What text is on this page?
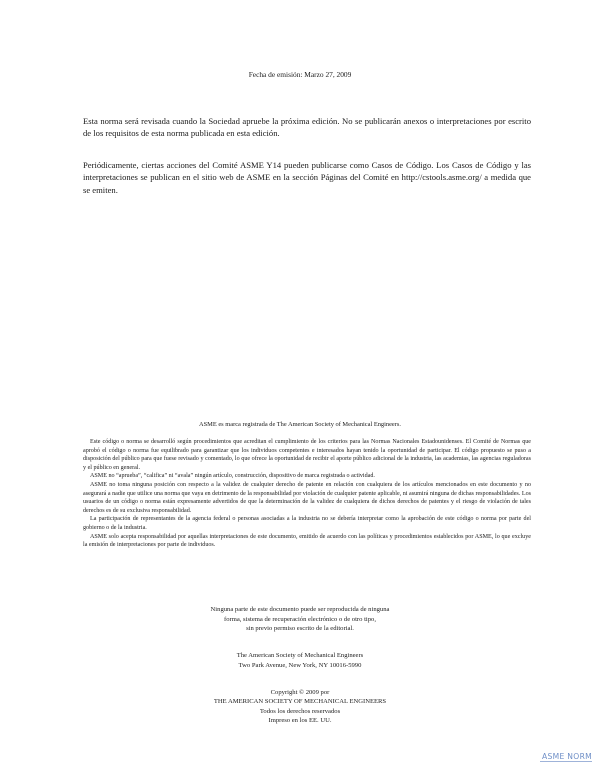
Fecha de emisión: Marzo 27, 2009
Esta norma será revisada cuando la Sociedad apruebe la próxima edición. No se publicarán anexos o interpretaciones por escrito de los requisitos de esta norma publicada en esta edición.
Periódicamente, ciertas acciones del Comité ASME Y14 pueden publicarse como Casos de Código. Los Casos de Código y las interpretaciones se publican en el sitio web de ASME en la sección Páginas del Comité en http://cstools.asme.org/ a medida que se emiten.
ASME es marca registrada de The American Society of Mechanical Engineers.

Este código o norma se desarrolló según procedimientos que acreditan el cumplimiento de los criterios para las Normas Nacionales Estadounidenses. El Comité de Normas que aprobó el código o norma fue equilibrado para garantizar que los individuos competentes e interesados hayan tenido la oportunidad de participar. El código propuesto se puso a disposición del público para que fuese revisado y comentado, lo que ofrece la oportunidad de recibir el aporte público adicional de la industria, las academias, las agencias reguladoras y el público en general.

ASME no “aprueba”, “califica” ni “avala” ningún artículo, construcción, dispositivo de marca registrada o actividad.

ASME no toma ninguna posición con respecto a la validez de cualquier derecho de patente en relación con cualquiera de los artículos mencionados en este documento y no asegurará a nadie que utilice una norma que vaya en detrimento de la responsabilidad por violación de cualquier patente aplicable, ni asumirá ninguna de dichas responsabilidades. Los usuarios de un código o norma están expresamente advertidos de que la determinación de la validez de cualquiera de dichos derechos de patentes y el riesgo de violación de tales derechos es de su exclusiva responsabilidad.

La participación de representantes de la agencia federal o personas asociadas a la industria no se debería interpretar como la aprobación de este código o norma por parte del gobierno o de la industria.

ASME solo acepta responsabilidad por aquellas interpretaciones de este documento, emitido de acuerdo con las políticas y procedimientos establecidos por ASME, lo que excluye la emisión de interpretaciones por parte de individuos.

Ninguna parte de este documento puede ser reproducida de ninguna
forma, sistema de recuperación electrónico o de otro tipo,
sin previo permiso escrito de la editorial.
The American Society of Mechanical Engineers
Two Park Avenue, New York, NY 10016-5990
Copyright © 2009 por
THE AMERICAN SOCIETY OF MECHANICAL ENGINEERS
Todos los derechos reservados
Impreso en los EE. UU.
ASME NORM
